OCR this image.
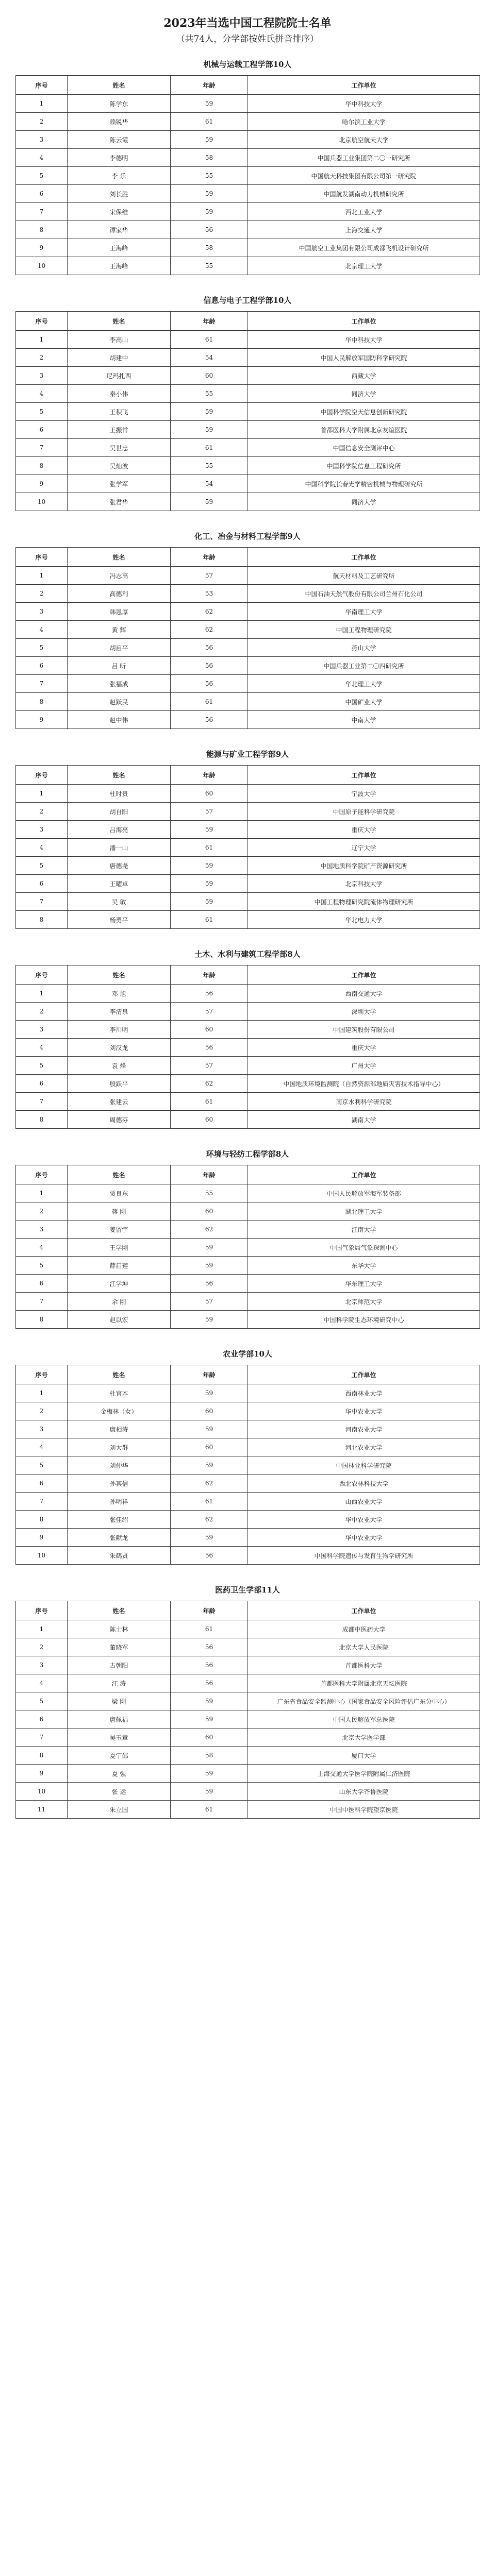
2023年当选中国工程院院士名单

（共74人，分学部按姓氏拼音排序）

机械与运载工程学部10人
序号	姓名	年龄	工作单位
1	陈学东	59	华中科技大学
2	赖锐华	61	哈尔滨工业大学
3	陈云霞	59	北京航空航天大学
4	李德明	58	中国兵器工业集团第二〇一研究所
5	李 乐	55	中国航天科技集团有限公司第一研究院
6	刘长胜	59	中国航发湖南动力机械研究所
7	宋保维	59	西北工业大学
8	谭家华	56	上海交通大学
9	王海峰	58	中国航空工业集团有限公司成都飞机设计研究所
10	王海峰	55	北京理工大学
信息与电子工程学部10人
序号	姓名	年龄	工作单位
1	李高山	61	华中科技大学
2	胡建中	54	中国人民解放军国防科学研究院
3	尼玛扎西	60	西藏大学
4	秦小伟	55	同济大学
5	王积飞	59	中国科学院空天信息创新研究院
6	王振常	59	首都医科大学附属北京友谊医院
7	吴世忠	61	中国信息安全测评中心
8	吴灿波	55	中国科学院信息工程研究所
9	张学军	54	中国科学院长春光学精密机械与物理研究所
10	张君华	59	同济大学
化工、冶金与材料工程学部9人
序号	姓名	年龄	工作单位
1	冯志高	57	航天材料及工艺研究所
2	高德利	53	中国石油天然气股份有限公司兰州石化公司
3	韩恩厚	62	华南理工大学
4	黄 辉	62	中国工程物理研究院
5	胡启平	56	燕山大学
6	吕 昕	56	中国兵器工业第二〇四研究所
7	张福成	56	华北理工大学
8	赵跃民	61	中国矿业大学
9	赵中伟	56	中南大学
能源与矿业工程学部9人
序号	姓名	年龄	工作单位
1	杜时贵	60	宁波大学
2	胡自阳	57	中国原子能科学研究院
3	吕海亮	59	重庆大学
4	潘一山	61	辽宁大学
5	唐德尧	59	中国地质科学院矿产资源研究所
6	王曜卓	59	北京科技大学
7	吴 敏	59	中国工程物理研究院流体物理研究所
8	杨勇平	61	华北电力大学
土木、水利与建筑工程学部8人
序号	姓名	年龄	工作单位
1	邓 旭	56	西南交通大学
2	李清泉	57	深圳大学
3	李川明	60	中国建筑股份有限公司
4	刘汉龙	56	重庆大学
5	袁 烽	57	广州大学
6	殷跃平	62	中国地质环境监测院（自然资源部地质灾害技术指导中心）
7	张建云	61	南京水利科学研究院
8	周德芬	60	湖南大学
环境与轻纺工程学部8人
序号	姓名	年龄	工作单位
1	贾良东	55	中国人民解放军海军装备部
2	蒋 刚	60	湖北理工大学
3	姜留宇	62	江南大学
4	王学刚	59	中国气象局气象探测中心
5	薛启莲	59	东华大学
6	江学坤	56	华东理工大学
7	余 刚	57	北京师范大学
8	赵以宏	59	中国科学院生态环境研究中心
农业学部10人
序号	姓名	年龄	工作单位
1	杜官本	59	西南林业大学
2	金梅林（女）	60	华中农业大学
3	康相涛	59	河南农业大学
4	刘大群	60	河北农业大学
5	刘仲华	59	中国林业科学研究院
6	孙其信	62	西北农林科技大学
7	孙明祥	61	山西农业大学
8	张佳绍	62	华中农业大学
9	张献龙	59	华中农业大学
10	朱鹤贤	56	中国科学院遗传与发育生物学研究所
医药卫生学部11人
序号	姓名	年龄	工作单位
1	陈士林	61	成都中医药大学
2	董晓军	56	北京大学人民医院
3	古朝阳	56	首都医科大学
4	江 涛	56	首都医科大学附属北京天坛医院
5	梁 刚	59	广东省食品安全监测中心（国家食品安全风险评估广东分中心）
6	唐佩福	59	中国人民解放军总医院
7	吴玉章	60	北京大学医学部
8	夏宁邵	58	厦门大学
9	夏 强	59	上海交通大学医学院附属仁济医院
10	张 运	59	山东大学齐鲁医院
11	朱立国	61	中国中医科学院望京医院
